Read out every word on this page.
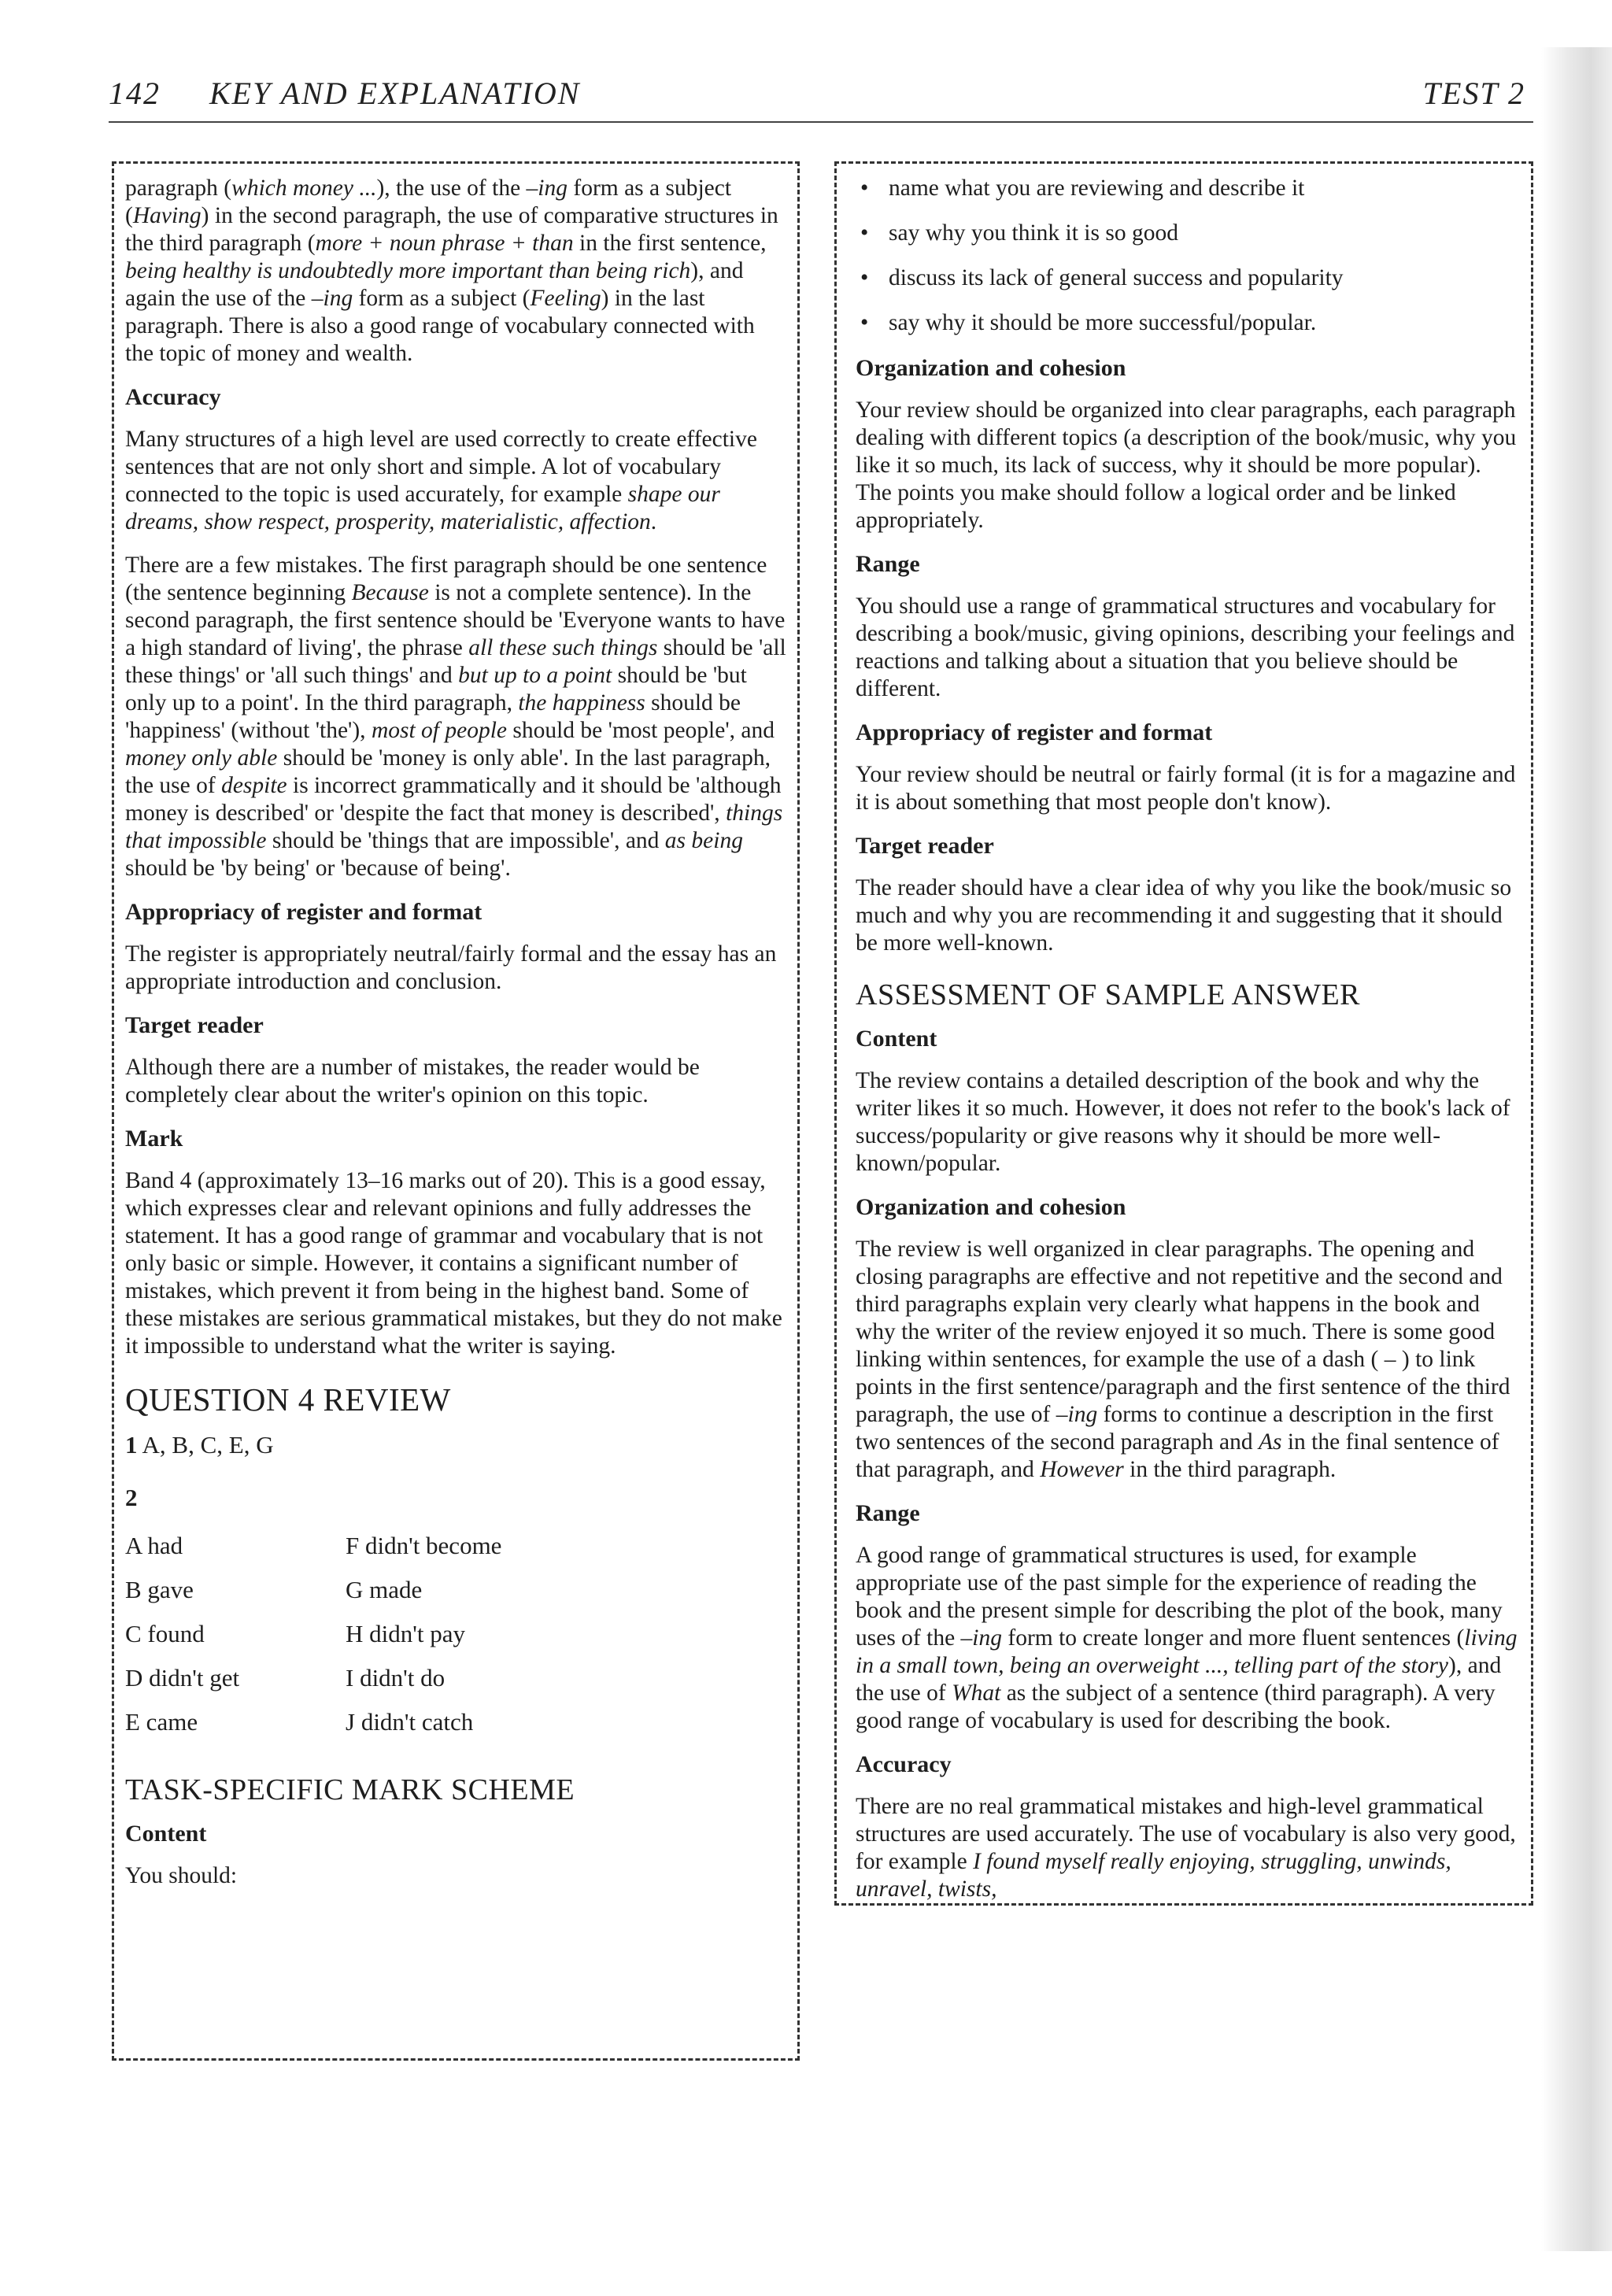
142 KEY AND EXPLANATION	TEST 2

paragraph (which money ...), the use of the –ing form as a subject (Having) in the second paragraph, the use of comparative structures in the third paragraph (more + noun phrase + than in the first sentence, being healthy is undoubtedly more important than being rich), and again the use of the –ing form as a subject (Feeling) in the last paragraph. There is also a good range of vocabulary connected with the topic of money and wealth.

Accuracy

Many structures of a high level are used correctly to create effective sentences that are not only short and simple. A lot of vocabulary connected to the topic is used accurately, for example shape our dreams, show respect, prosperity, materialistic, affection.

There are a few mistakes. The first paragraph should be one sentence (the sentence beginning Because is not a complete sentence). In the second paragraph, the first sentence should be 'Everyone wants to have a high standard of living', the phrase all these such things should be 'all these things' or 'all such things' and but up to a point should be 'but only up to a point'. In the third paragraph, the happiness should be 'happiness' (without 'the'), most of people should be 'most people', and money only able should be 'money is only able'. In the last paragraph, the use of despite is incorrect grammatically and it should be 'although money is described' or 'despite the fact that money is described', things that impossible should be 'things that are impossible', and as being should be 'by being' or 'because of being'.

Appropriacy of register and format

The register is appropriately neutral/fairly formal and the essay has an appropriate introduction and conclusion.

Target reader

Although there are a number of mistakes, the reader would be completely clear about the writer's opinion on this topic.

Mark

Band 4 (approximately 13–16 marks out of 20). This is a good essay, which expresses clear and relevant opinions and fully addresses the statement. It has a good range of grammar and vocabulary that is not only basic or simple. However, it contains a significant number of mistakes, which prevent it from being in the highest band. Some of these mistakes are serious grammatical mistakes, but they do not make it impossible to understand what the writer is saying.

QUESTION 4 REVIEW
1 A, B, C, E, G
2
A had	F didn't become
B gave	G made
C found	H didn't pay
D didn't get	I didn't do
E came	J didn't catch
TASK-SPECIFIC MARK SCHEME
Content

You should:

• name what you are reviewing and describe it
• say why you think it is so good
• discuss its lack of general success and popularity
• say why it should be more successful/popular.
Organization and cohesion

Your review should be organized into clear paragraphs, each paragraph dealing with different topics (a description of the book/music, why you like it so much, its lack of success, why it should be more popular). The points you make should follow a logical order and be linked appropriately.

Range

You should use a range of grammatical structures and vocabulary for describing a book/music, giving opinions, describing your feelings and reactions and talking about a situation that you believe should be different.

Appropriacy of register and format

Your review should be neutral or fairly formal (it is for a magazine and it is about something that most people don't know).

Target reader

The reader should have a clear idea of why you like the book/music so much and why you are recommending it and suggesting that it should be more well-known.

ASSESSMENT OF SAMPLE ANSWER
Content

The review contains a detailed description of the book and why the writer likes it so much. However, it does not refer to the book's lack of success/popularity or give reasons why it should be more well-known/popular.

Organization and cohesion

The review is well organized in clear paragraphs. The opening and closing paragraphs are effective and not repetitive and the second and third paragraphs explain very clearly what happens in the book and why the writer of the review enjoyed it so much. There is some good linking within sentences, for example the use of a dash ( – ) to link points in the first sentence/paragraph and the first sentence of the third paragraph, the use of –ing forms to continue a description in the first two sentences of the second paragraph and As in the final sentence of that paragraph, and However in the third paragraph.

Range

A good range of grammatical structures is used, for example appropriate use of the past simple for the experience of reading the book and the present simple for describing the plot of the book, many uses of the –ing form to create longer and more fluent sentences (living in a small town, being an overweight ..., telling part of the story), and the use of What as the subject of a sentence (third paragraph). A very good range of vocabulary is used for describing the book.

Accuracy

There are no real grammatical mistakes and high-level grammatical structures are used accurately. The use of vocabulary is also very good, for example I found myself really enjoying, struggling, unwinds, unravel, twists,
